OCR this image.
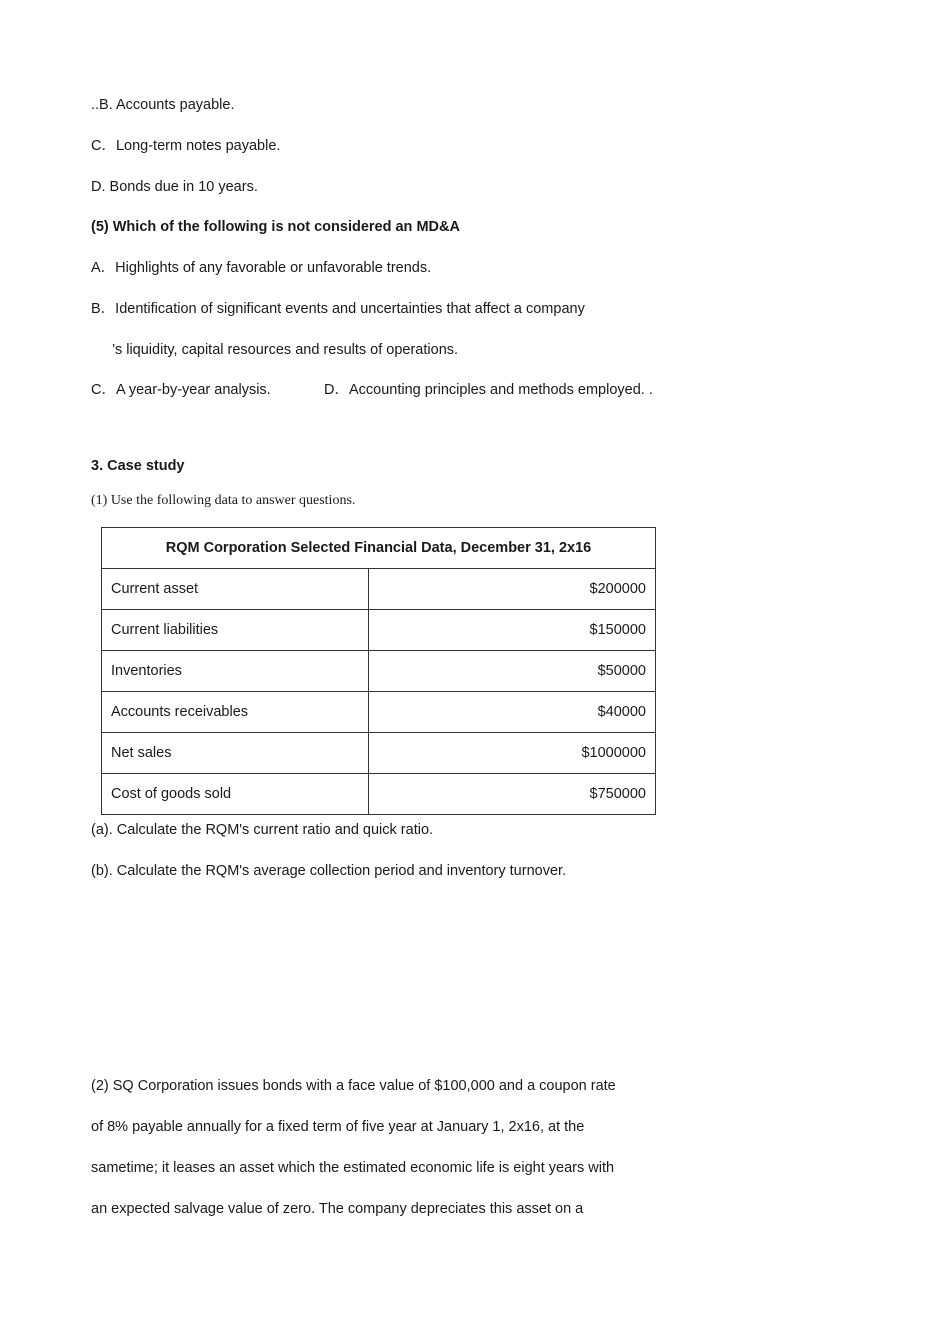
..B. Accounts payable.
C．Long-term notes payable.
D. Bonds due in 10 years.
(5) Which of the following is not considered an MD&A
A．Highlights of any favorable or unfavorable trends.
B．Identification of significant events and uncertainties that affect a company
’s liquidity, capital resources and results of operations.
C．A year-by-year analysis.	D．Accounting principles and methods employed. .
3. Case study
(1) Use the following data to answer questions.
RQM Corporation Selected Financial Data, December 31, 2x16	
Current asset	$200000
Current liabilities	$150000
Inventories	$50000
Accounts receivables	$40000
Net sales	$1000000
Cost of goods sold	$750000
(a). Calculate the RQM's current ratio and quick ratio.
(b). Calculate the RQM's average collection period and inventory turnover.
(2) SQ Corporation issues bonds with a face value of $100,000 and a coupon rate
of 8% payable annually for a fixed term of five year at January 1, 2x16, at the
sametime; it leases an asset which the estimated economic life is eight years with
an expected salvage value of zero. The company depreciates this asset on a
